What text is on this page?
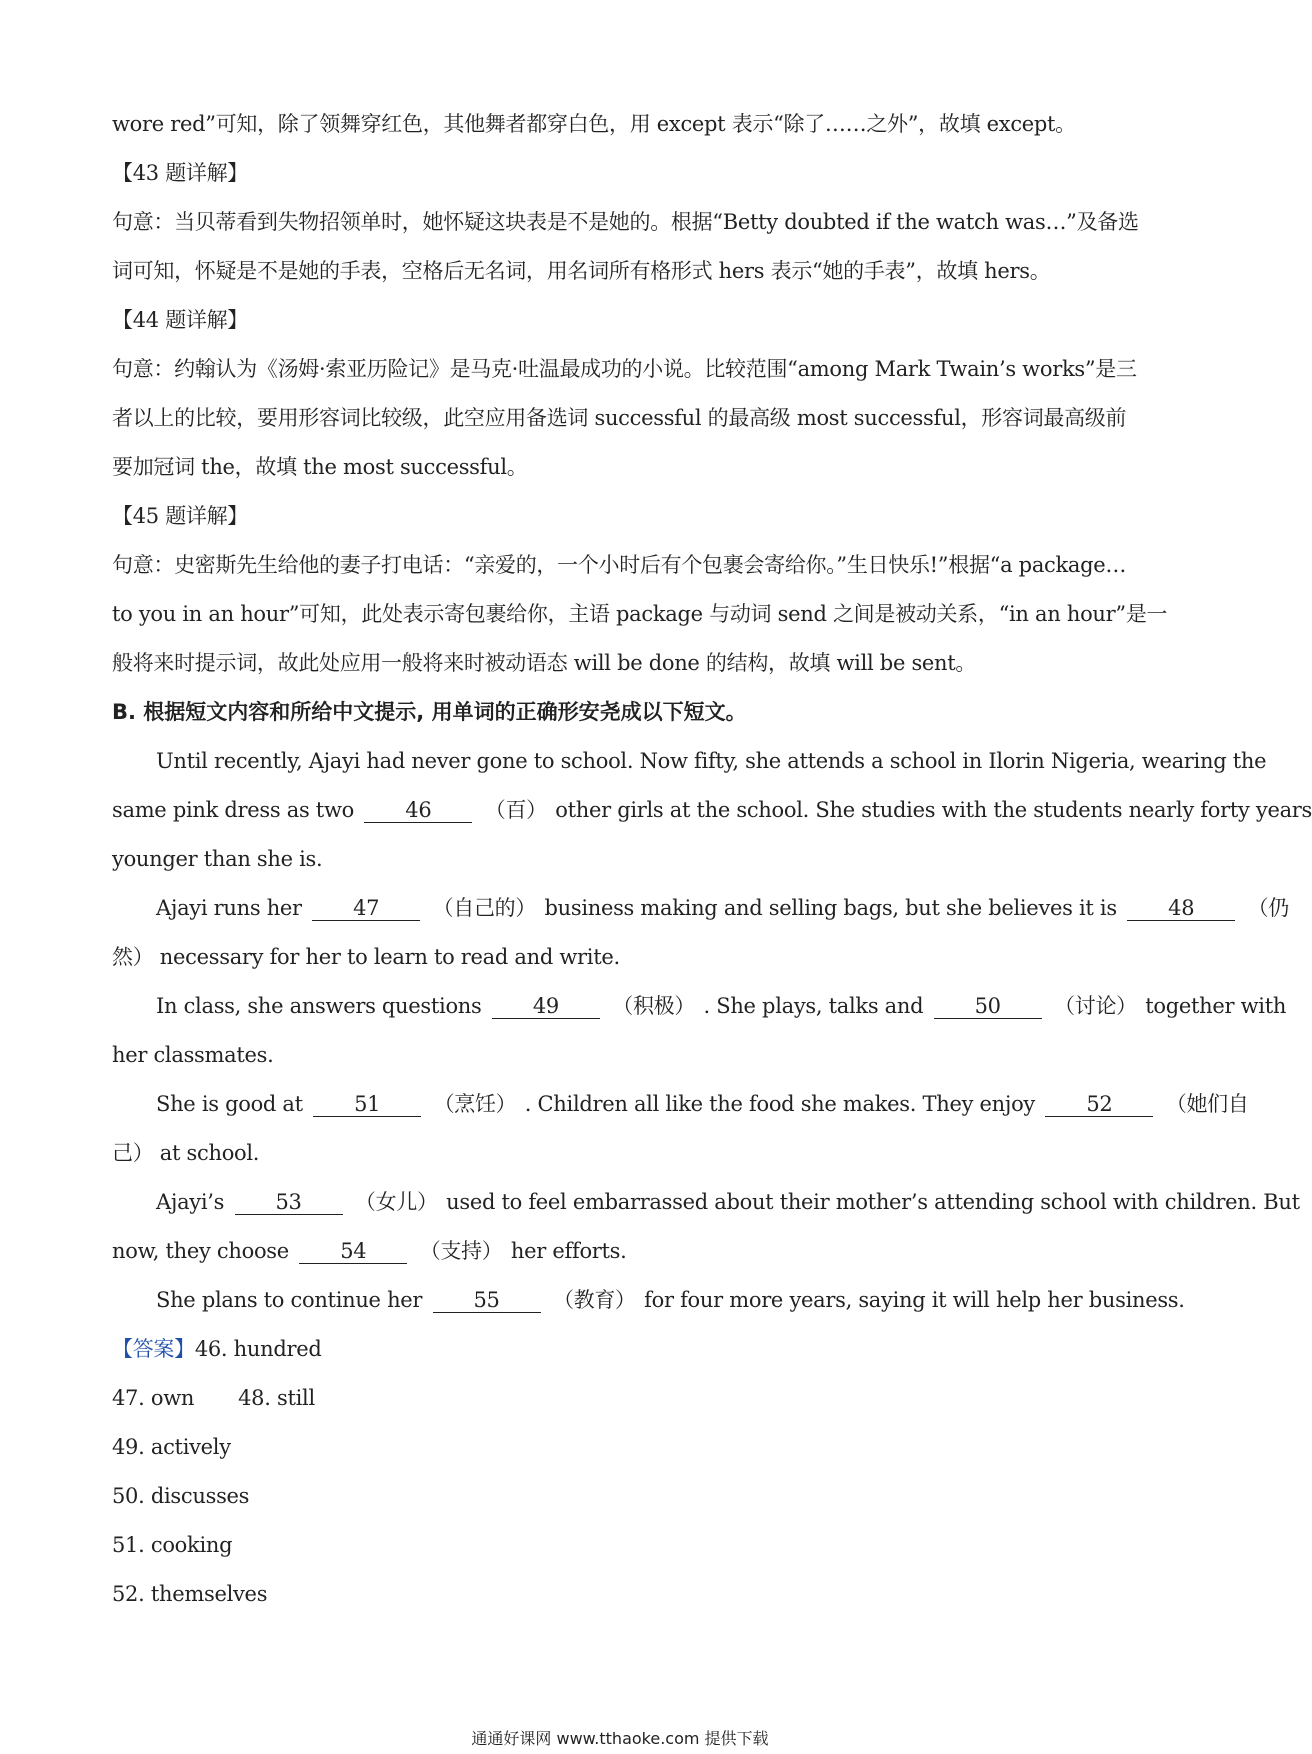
wore red”可知，除了领舞穿红色，其他舞者都穿白色，用 except 表示“除了……之外”，故填 except。

【43 题详解】

句意：当贝蒂看到失物招领单时，她怀疑这块表是不是她的。根据“Betty doubted if the watch was…”及备选

词可知，怀疑是不是她的手表，空格后无名词，用名词所有格形式 hers 表示“她的手表”，故填 hers。

【44 题详解】

句意：约翰认为《汤姆·索亚历险记》是马克·吐温最成功的小说。比较范围“among Mark Twain’s works”是三

者以上的比较，要用形容词比较级，此空应用备选词 successful 的最高级 most successful，形容词最高级前

要加冠词 the，故填 the most successful。

【45 题详解】

句意：史密斯先生给他的妻子打电话：“亲爱的，一个小时后有个包裹会寄给你。”生日快乐!”根据“a package…

to you in an hour”可知，此处表示寄包裹给你，主语 package 与动词 send 之间是被动关系，“in an hour”是一

般将来时提示词，故此处应用一般将来时被动语态 will be done 的结构，故填 will be sent。

B. 根据短文内容和所给中文提示, 用单词的正确形安尧成以下短文。

Until recently, Ajayi had never gone to school. Now fifty, she attends a school in Ilorin Nigeria, wearing the

same pink dress as two 46	（百） other girls at the school. She studies with the students nearly forty years

younger than she is.

Ajayi runs her 47	（自己的） business making and selling bags, but she believes it is 48	（仍

然） necessary for her to learn to read and write.

In class, she answers questions 49	（积极） . She plays, talks and 50	（讨论） together with

her classmates.

She is good at 51	（烹饪） . Children all like the food she makes. They enjoy 52	（她们自

己） at school.

Ajayi’s 53	（女儿） used to feel embarrassed about their mother’s attending school with children. But

now, they choose 54	（支持） her efforts.

She plans to continue her 55	（教育） for four more years, saying it will help her business.

【答案】46. hundred

47. own 48. still

49. actively

50. discusses

51. cooking

52. themselves

通通好课网 www.tthaoke.com 提供下载
